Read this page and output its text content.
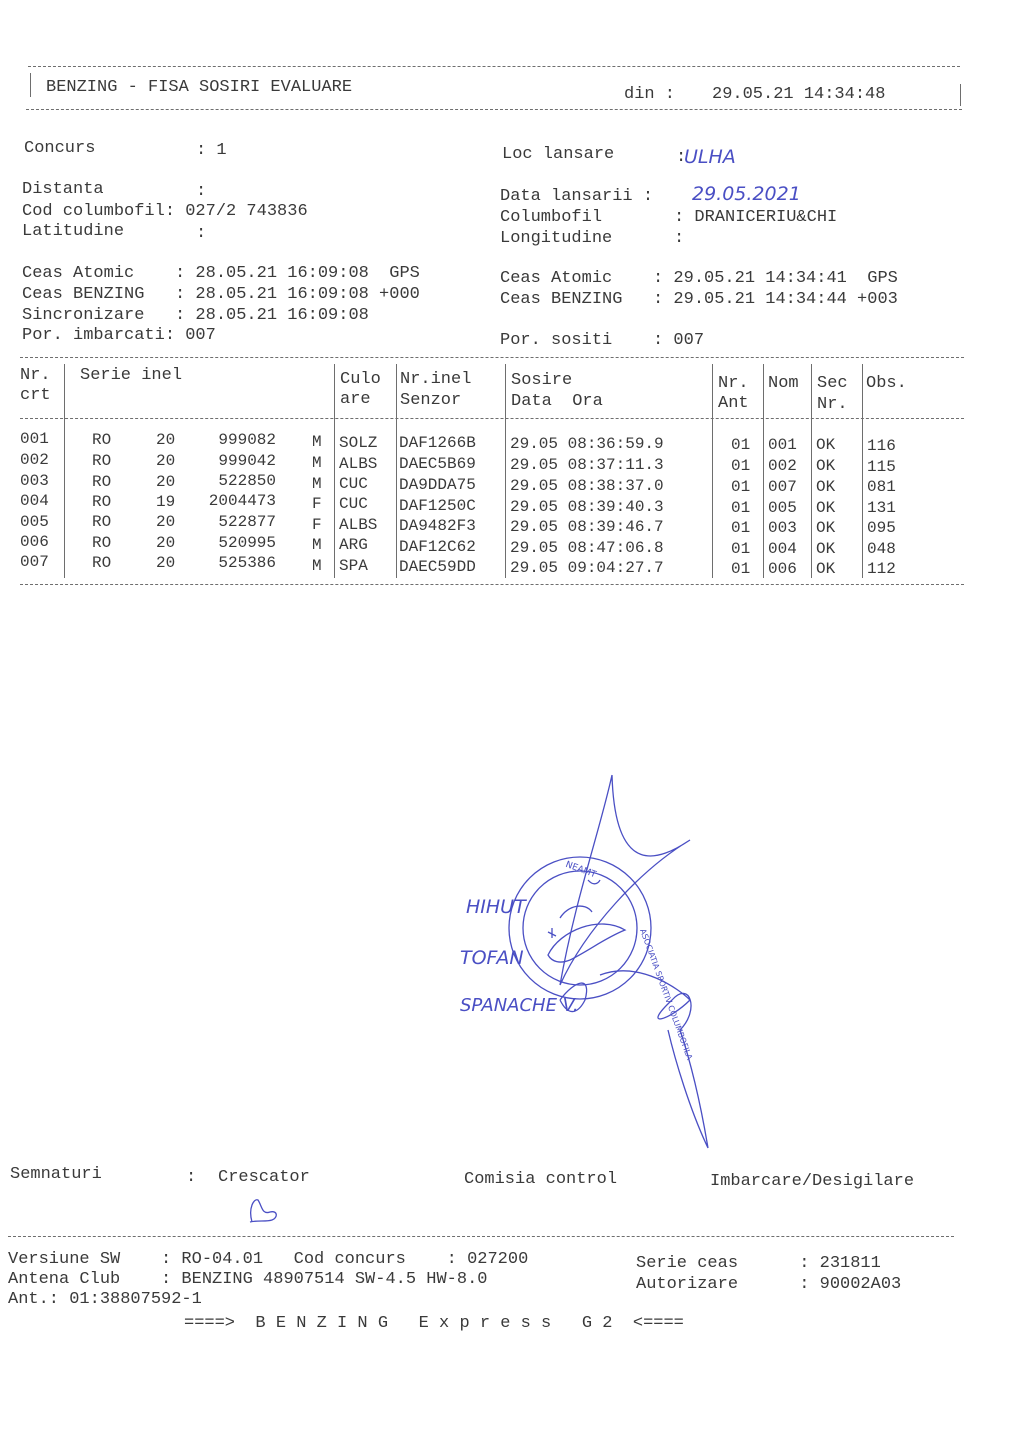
BENZING - FISA SOSIRI EVALUARE	din : 29.05.21 14:34:48
Concurs	: 1	Loc lansare	:
ULHA
Distanta	:	Data lansarii : 29.05.2021
Cod columbofil: 027/2 743836	Columbofil	: DRANICERIU&CHI
Latitudine	:	Longitudine	:
Ceas Atomic    : 28.05.21 16:09:08  GPS
Ceas BENZING   : 28.05.21 16:09:08 +000
Sincronizare   : 28.05.21 16:09:08
Por. imbarcati: 007
Ceas Atomic    : 29.05.21 14:34:41  GPS
Ceas BENZING   : 29.05.21 14:34:44 +003
Por. sositi    : 007
Nr.
crt
Serie inel	Culo
are
Nr.inel
Senzor
Sosire
Data  Ora
Nr.
Ant
Nom Sec
Nr.
Obs.
001	RO	20	999082 M SOLZ DAF1266B 29.05 08:36:59.9	01 001 OK 116
002	RO	20	999042 M ALBS DAEC5B69 29.05 08:37:11.3	01 002 OK 115
003	RO	20	522850 M CUC DA9DDA75 29.05 08:38:37.0	01 007 OK 081
004	RO	19	2004473 F CUC DAF1250C 29.05 08:39:40.3	01 005 OK 131
005	RO	20	522877 F ALBS DA9482F3 29.05 08:39:46.7	01 003 OK 095
006	RO	20	520995 M ARG DAF12C62 29.05 08:47:06.8	01 004 OK 048
007	RO	20	525386 M SPA DAEC59DD 29.05 09:04:27.7	01 006 OK 112
NEAMT
ASOCIATIA SPORTIV COLUMBOFILA
HIHUT
TOFAN
SPANACHE V.
Semnaturi	: Crescator	Comisia control	Imbarcare/Desigilare
Versiune SW    : RO-04.01   Cod concurs    : 027200	Serie ceas      : 231811
Antena Club    : BENZING 48907514 SW-4.5 HW-8.0	Autorizare      : 90002A03
Ant.: 01:38807592-1
====>  B E N Z I N G   E x p r e s s   G 2  <====
